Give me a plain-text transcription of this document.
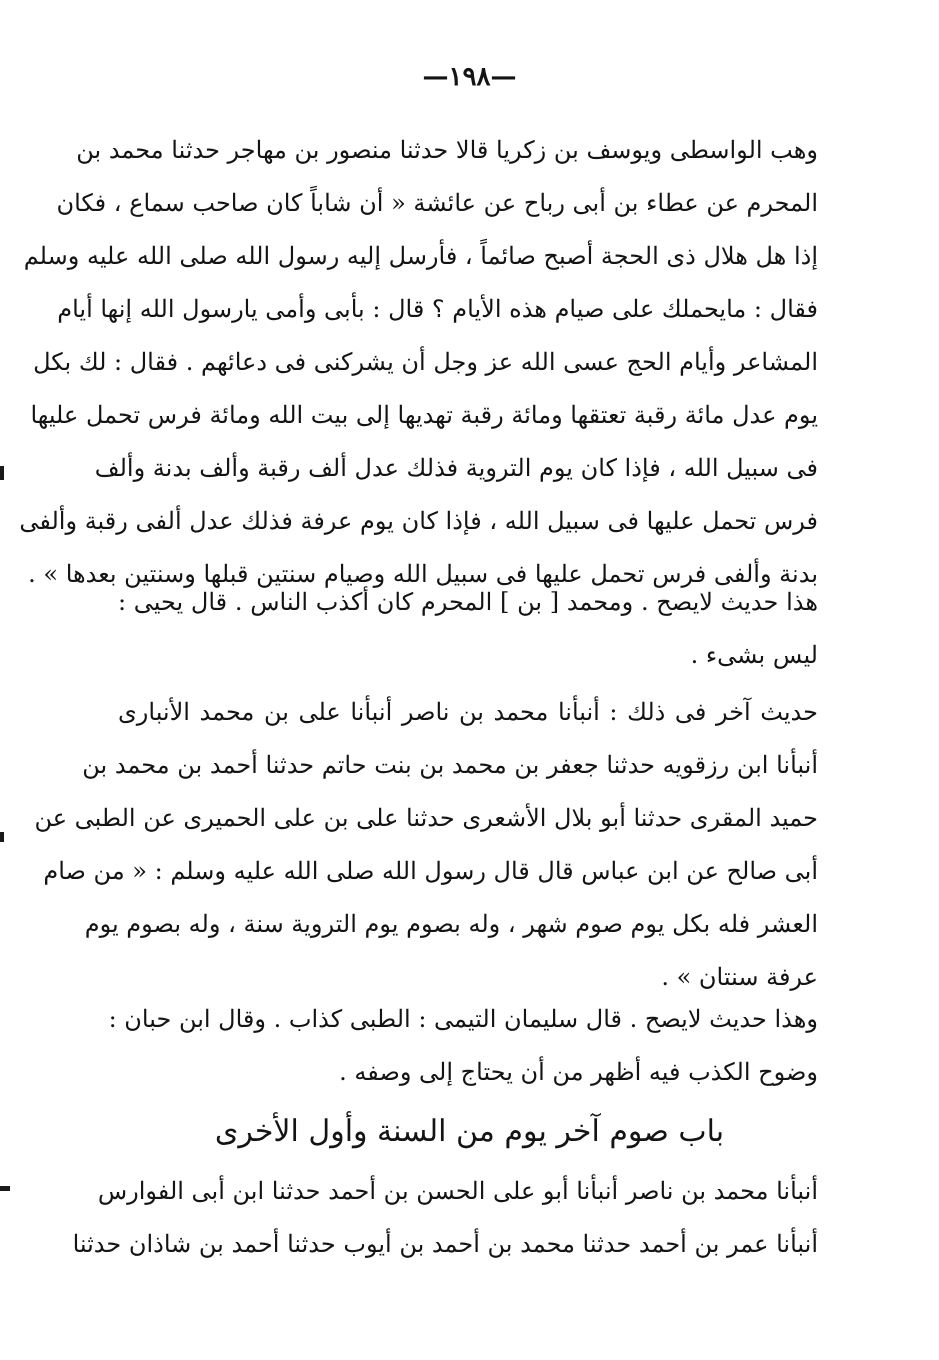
—١٩٨—
وهب الواسطى ويوسف بن زكريا قالا حدثنا منصور بن مهاجر حدثنا محمد بن
المحرم عن عطاء بن أبى رباح عن عائشة « أن شاباً كان صاحب سماع ، فكان
إذا هل هلال ذى الحجة أصبح صائماً ، فأرسل إليه رسول الله صلى الله عليه وسلم
فقال : مايحملك على صيام هذه الأيام ؟ قال : بأبى وأمى يارسول الله إنها أيام
المشاعر وأيام الحج عسى الله عز وجل أن يشركنى فى دعائهم . فقال : لك بكل
يوم عدل مائة رقبة تعتقها ومائة رقبة تهديها إلى بيت الله ومائة فرس تحمل عليها
فى سبيل الله ، فإذا كان يوم التروية فذلك عدل ألف رقبة وألف بدنة وألف
فرس تحمل عليها فى سبيل الله ، فإذا كان يوم عرفة فذلك عدل ألفى رقبة وألفى
بدنة وألفى فرس تحمل عليها فى سبيل الله وصيام سنتين قبلها وسنتين بعدها » .
هذا حديث لايصح . ومحمد [ بن ] المحرم كان أكذب الناس . قال يحيى :
ليس بشىء .
حديث آخر فى ذلك : أنبأنا محمد بن ناصر أنبأنا على بن محمد الأنبارى
أنبأنا ابن رزقويه حدثنا جعفر بن محمد بن بنت حاتم حدثنا أحمد بن محمد بن
حميد المقرى حدثنا أبو بلال الأشعرى حدثنا على بن على الحميرى عن الطبى عن
أبى صالح عن ابن عباس قال قال رسول الله صلى الله عليه وسلم : « من صام
العشر فله بكل يوم صوم شهر ، وله بصوم يوم التروية سنة ، وله بصوم يوم
عرفة سنتان » .
وهذا حديث لايصح . قال سليمان التيمى : الطبى كذاب . وقال ابن حبان :
وضوح الكذب فيه أظهر من أن يحتاج إلى وصفه .
باب صوم آخر يوم من السنة وأول الأخرى
أنبأنا محمد بن ناصر أنبأنا أبو على الحسن بن أحمد حدثنا ابن أبى الفوارس
أنبأنا عمر بن أحمد حدثنا محمد بن أحمد بن أيوب حدثنا أحمد بن شاذان حدثنا
